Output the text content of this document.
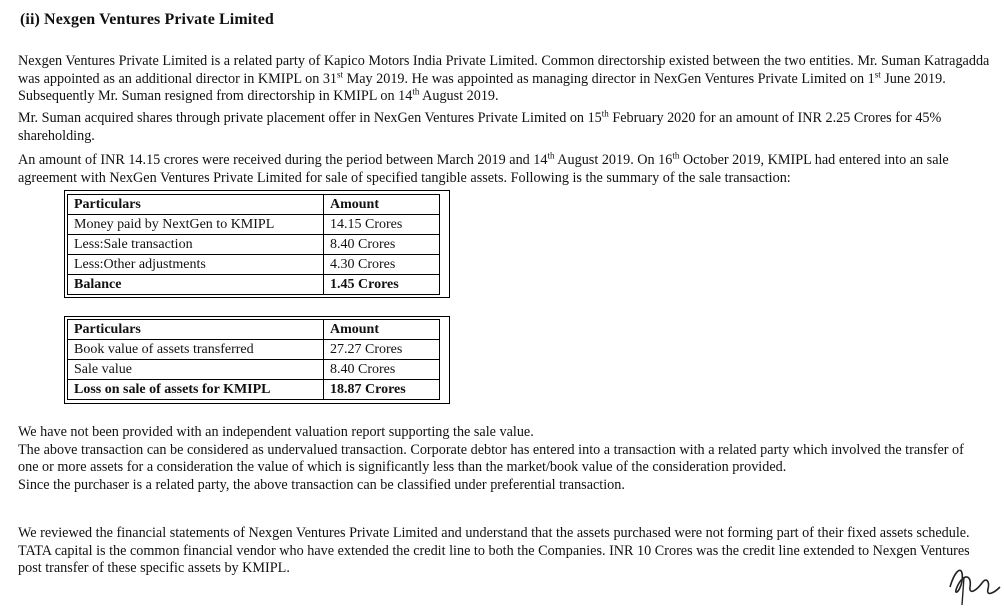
(ii) Nexgen Ventures Private Limited
Nexgen Ventures Private Limited is a related party of Kapico Motors India Private Limited. Common directorship existed between the two entities. Mr. Suman Katragadda
was appointed as an additional director in KMIPL on 31st May 2019. He was appointed as managing director in NexGen Ventures Private Limited on 1st June 2019.
Subsequently Mr. Suman resigned from directorship in KMIPL on 14th August 2019.
Mr. Suman acquired shares through private placement offer in NexGen Ventures Private Limited on 15th February 2020 for an amount of INR 2.25 Crores for 45%
shareholding.
An amount of INR 14.15 crores were received during the period between March 2019 and 14th August 2019. On 16th October 2019, KMIPL had entered into an sale
agreement with NexGen Ventures Private Limited for sale of specified tangible assets. Following is the summary of the sale transaction:
Particulars	Amount
Money paid by NextGen to KMIPL	14.15 Crores
Less:Sale transaction	8.40 Crores
Less:Other adjustments	4.30 Crores
Balance	1.45 Crores
Particulars	Amount
Book value of assets transferred	27.27 Crores
Sale value	8.40 Crores
Loss on sale of assets for KMIPL	18.87 Crores
We have not been provided with an independent valuation report supporting the sale value.
The above transaction can be considered as undervalued transaction. Corporate debtor has entered into a transaction with a related party which involved the transfer of
one or more assets for a consideration the value of which is significantly less than the market/book value of the consideration provided.
Since the purchaser is a related party, the above transaction can be classified under preferential transaction.
We reviewed the financial statements of Nexgen Ventures Private Limited and understand that the assets purchased were not forming part of their fixed assets schedule.
TATA capital is the common financial vendor who have extended the credit line to both the Companies. INR 10 Crores was the credit line extended to Nexgen Ventures
post transfer of these specific assets by KMIPL.
